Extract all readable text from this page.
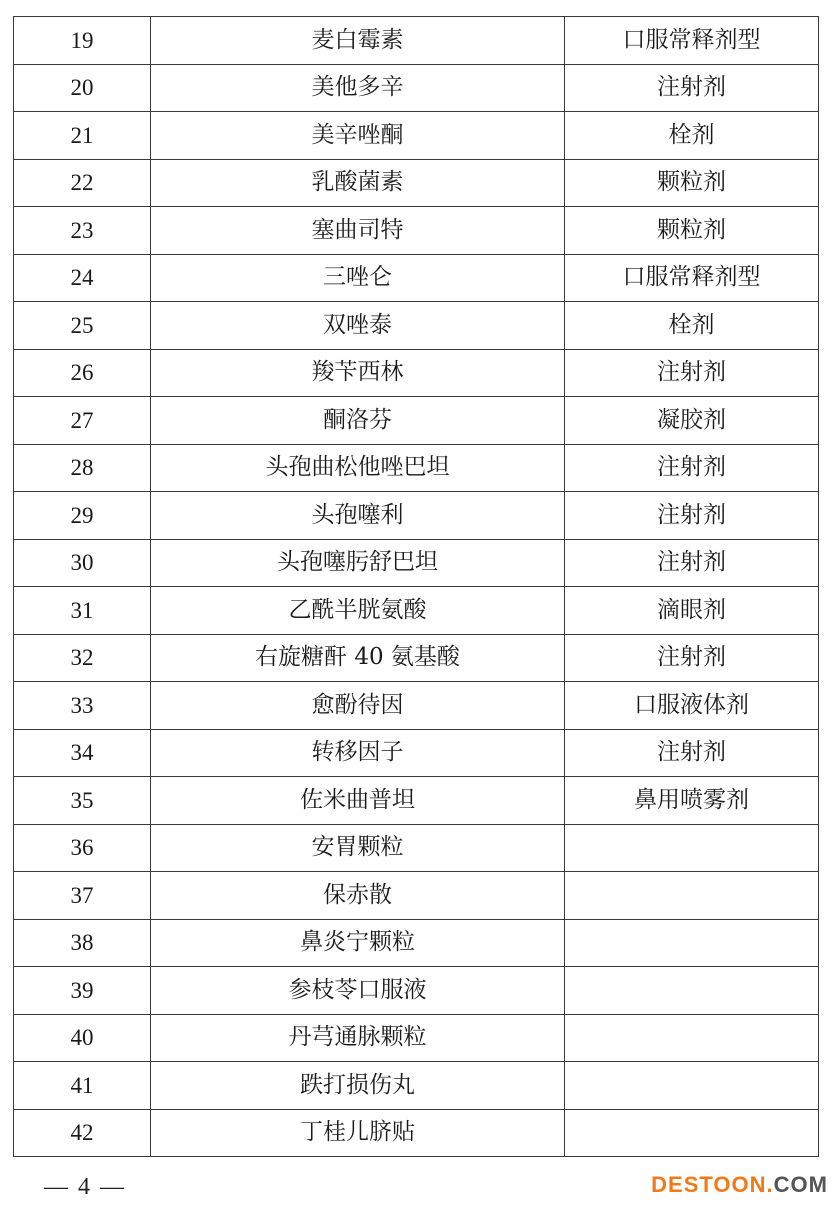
19	麦白霉素	口服常释剂型
20	美他多辛	注射剂
21	美辛唑酮	栓剂
22	乳酸菌素	颗粒剂
23	塞曲司特	颗粒剂
24	三唑仑	口服常释剂型
25	双唑泰	栓剂
26	羧苄西林	注射剂
27	酮洛芬	凝胶剂
28	头孢曲松他唑巴坦	注射剂
29	头孢噻利	注射剂
30	头孢噻肟舒巴坦	注射剂
31	乙酰半胱氨酸	滴眼剂
32	右旋糖酐 40 氨基酸	注射剂
33	愈酚待因	口服液体剂
34	转移因子	注射剂
35	佐米曲普坦	鼻用喷雾剂
36	安胃颗粒	
37	保赤散	
38	鼻炎宁颗粒	
39	参枝苓口服液	
40	丹芎通脉颗粒	
41	跌打损伤丸	
42	丁桂儿脐贴	
— 4 —	DESTOON.COM
